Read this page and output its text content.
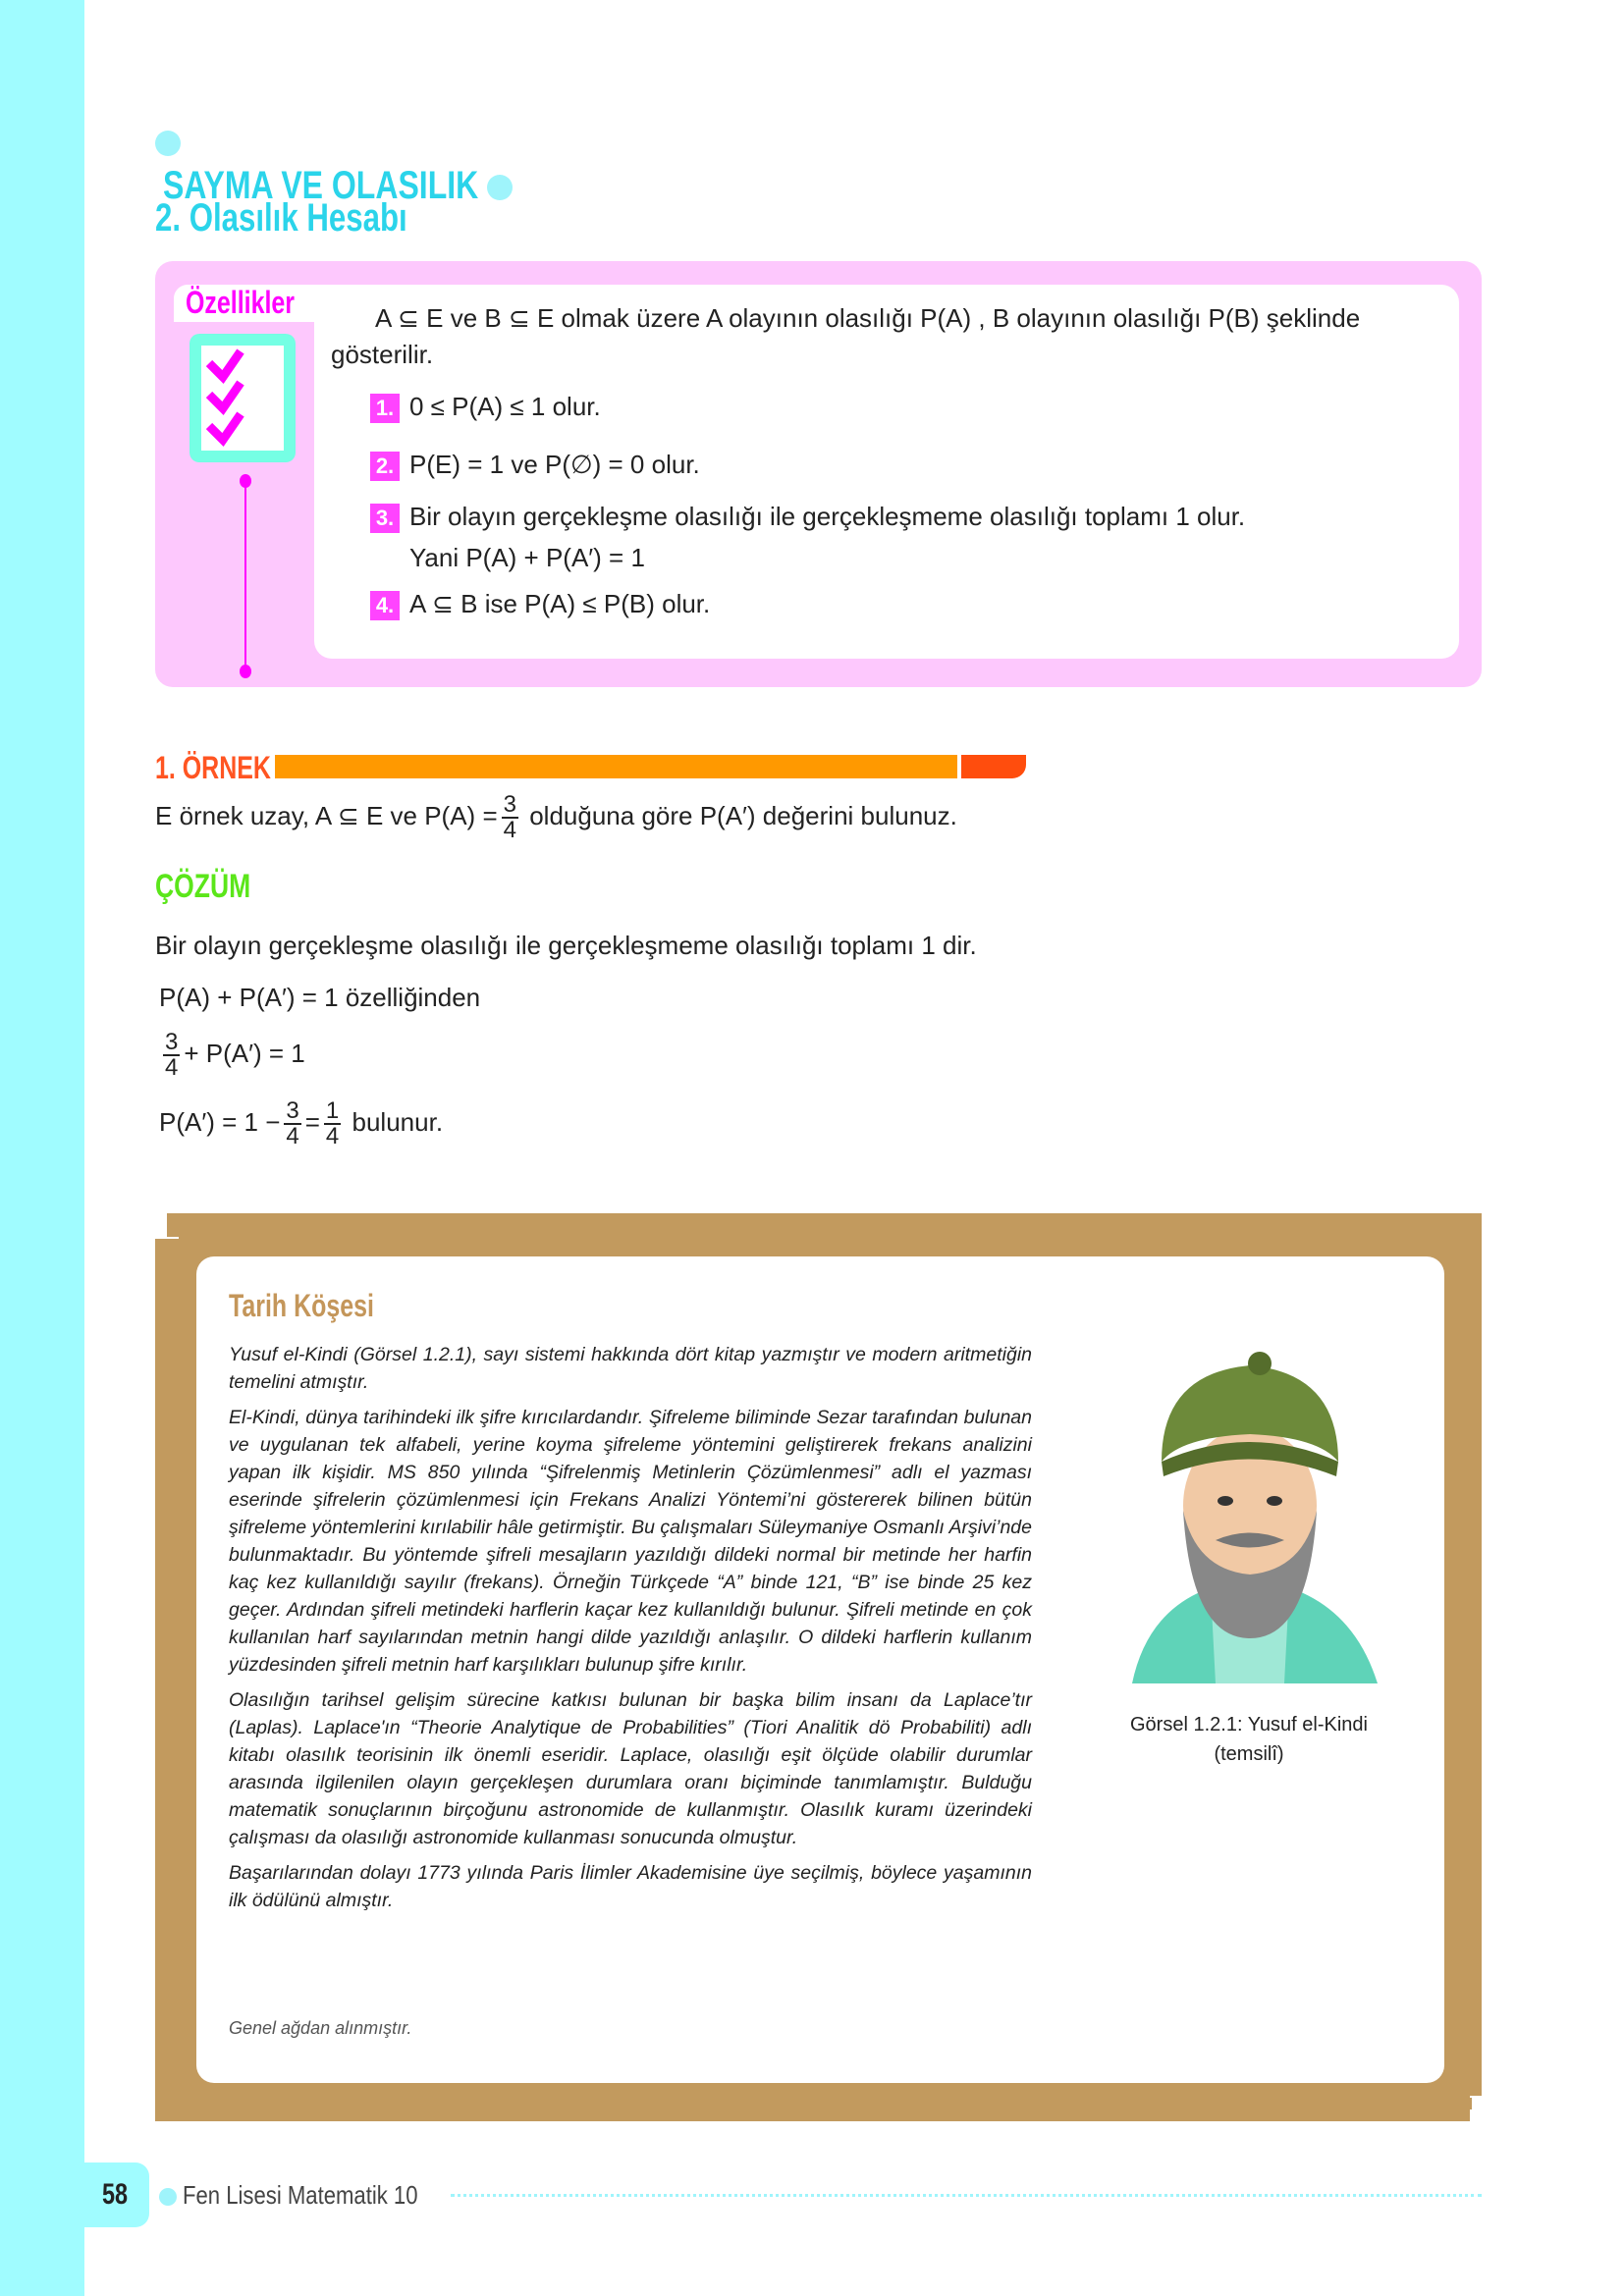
SAYMA VE OLASILIK
2. Olasılık Hesabı
Özellikler	A ⊆ E ve B ⊆ E olmak üzere A olayının olasılığı P(A) , B olayının olasılığı P(B) şeklinde
gösterilir.
1. 0 ≤ P(A) ≤ 1 olur.
2. P(E) = 1 ve P(∅) = 0 olur.
3. Bir olayın gerçekleşme olasılığı ile gerçekleşmeme olasılığı toplamı 1 olur.
Yani P(A) + P(A′) = 1
4. A ⊆ B ise P(A) ≤ P(B) olur.
1. ÖRNEK
E örnek uzay, A ⊆ E ve $P(A) = \frac{3}{4}$ olduğuna göre P(A′) değerini bulunuz.
ÇÖZÜM
Bir olayın gerçekleşme olasılığı ile gerçekleşmeme olasılığı toplamı 1 dir.
P(A) + P(A′) = 1 özelliğinden
$\frac{3}{4} + P(A') = 1$
$P(A') = 1 - \frac{3}{4} = \frac{1}{4}$ bulunur.
Tarih Köşesi

Yusuf el-Kindi (Görsel 1.2.1), sayı sistemi hakkında dört kitap yazmıştır ve modern aritmetiğin temelini atmıştır.

El-Kindi, dünya tarihindeki ilk şifre kırıcılardandır. Şifreleme biliminde Sezar tarafından bulunan ve uygulanan tek alfabeli, yerine koyma şifreleme yöntemini geliştirerek frekans analizini yapan ilk kişidir. MS 850 yılında “Şifrelenmiş Metinlerin Çözümlenmesi” adlı el yazması eserinde şifrelerin çözümlenmesi için Frekans Analizi Yöntemi’ni göstererek bilinen bütün şifreleme yöntemlerini kırılabilir hâle getirmiştir. Bu çalışmaları Süleymaniye Osmanlı Arşivi’nde bulunmaktadır. Bu yöntemde şifreli mesajların yazıldığı dildeki normal bir metinde her harfin kaç kez kullanıldığı sayılır (frekans). Örneğin Türkçede “A” binde 121, “B” ise binde 25 kez geçer. Ardından şifreli metindeki harflerin kaçar kez kullanıldığı bulunur. Şifreli metinde en çok kullanılan harf sayılarından metnin hangi dilde yazıldığı anlaşılır. O dildeki harflerin kullanım yüzdesinden şifreli metnin harf karşılıkları bulunup şifre kırılır.

Olasılığın tarihsel gelişim sürecine katkısı bulunan bir başka bilim insanı da Laplace’tır (Laplas). Laplace'ın “Theorie Analytique de Probabilities” (Tiori Analitik dö Probabiliti) adlı kitabı olasılık teorisinin ilk önemli eseridir. Laplace, olasılığı eşit ölçüde olabilir durumlar arasında ilgilenilen olayın gerçekleşen durumlara oranı biçiminde tanımlamıştır. Bulduğu matematik sonuçlarının birçoğunu astronomide de kullanmıştır. Olasılık kuramı üzerindeki çalışması da olasılığı astronomide kullanması sonucunda olmuştur.

Başarılarından dolayı 1773 yılında Paris İlimler Akademisine üye seçilmiş, böylece yaşamının ilk ödülünü almıştır.

Genel ağdan alınmıştır.
Görsel 1.2.1: Yusuf el-Kindi
(temsilî)
58	Fen Lisesi Matematik 10
